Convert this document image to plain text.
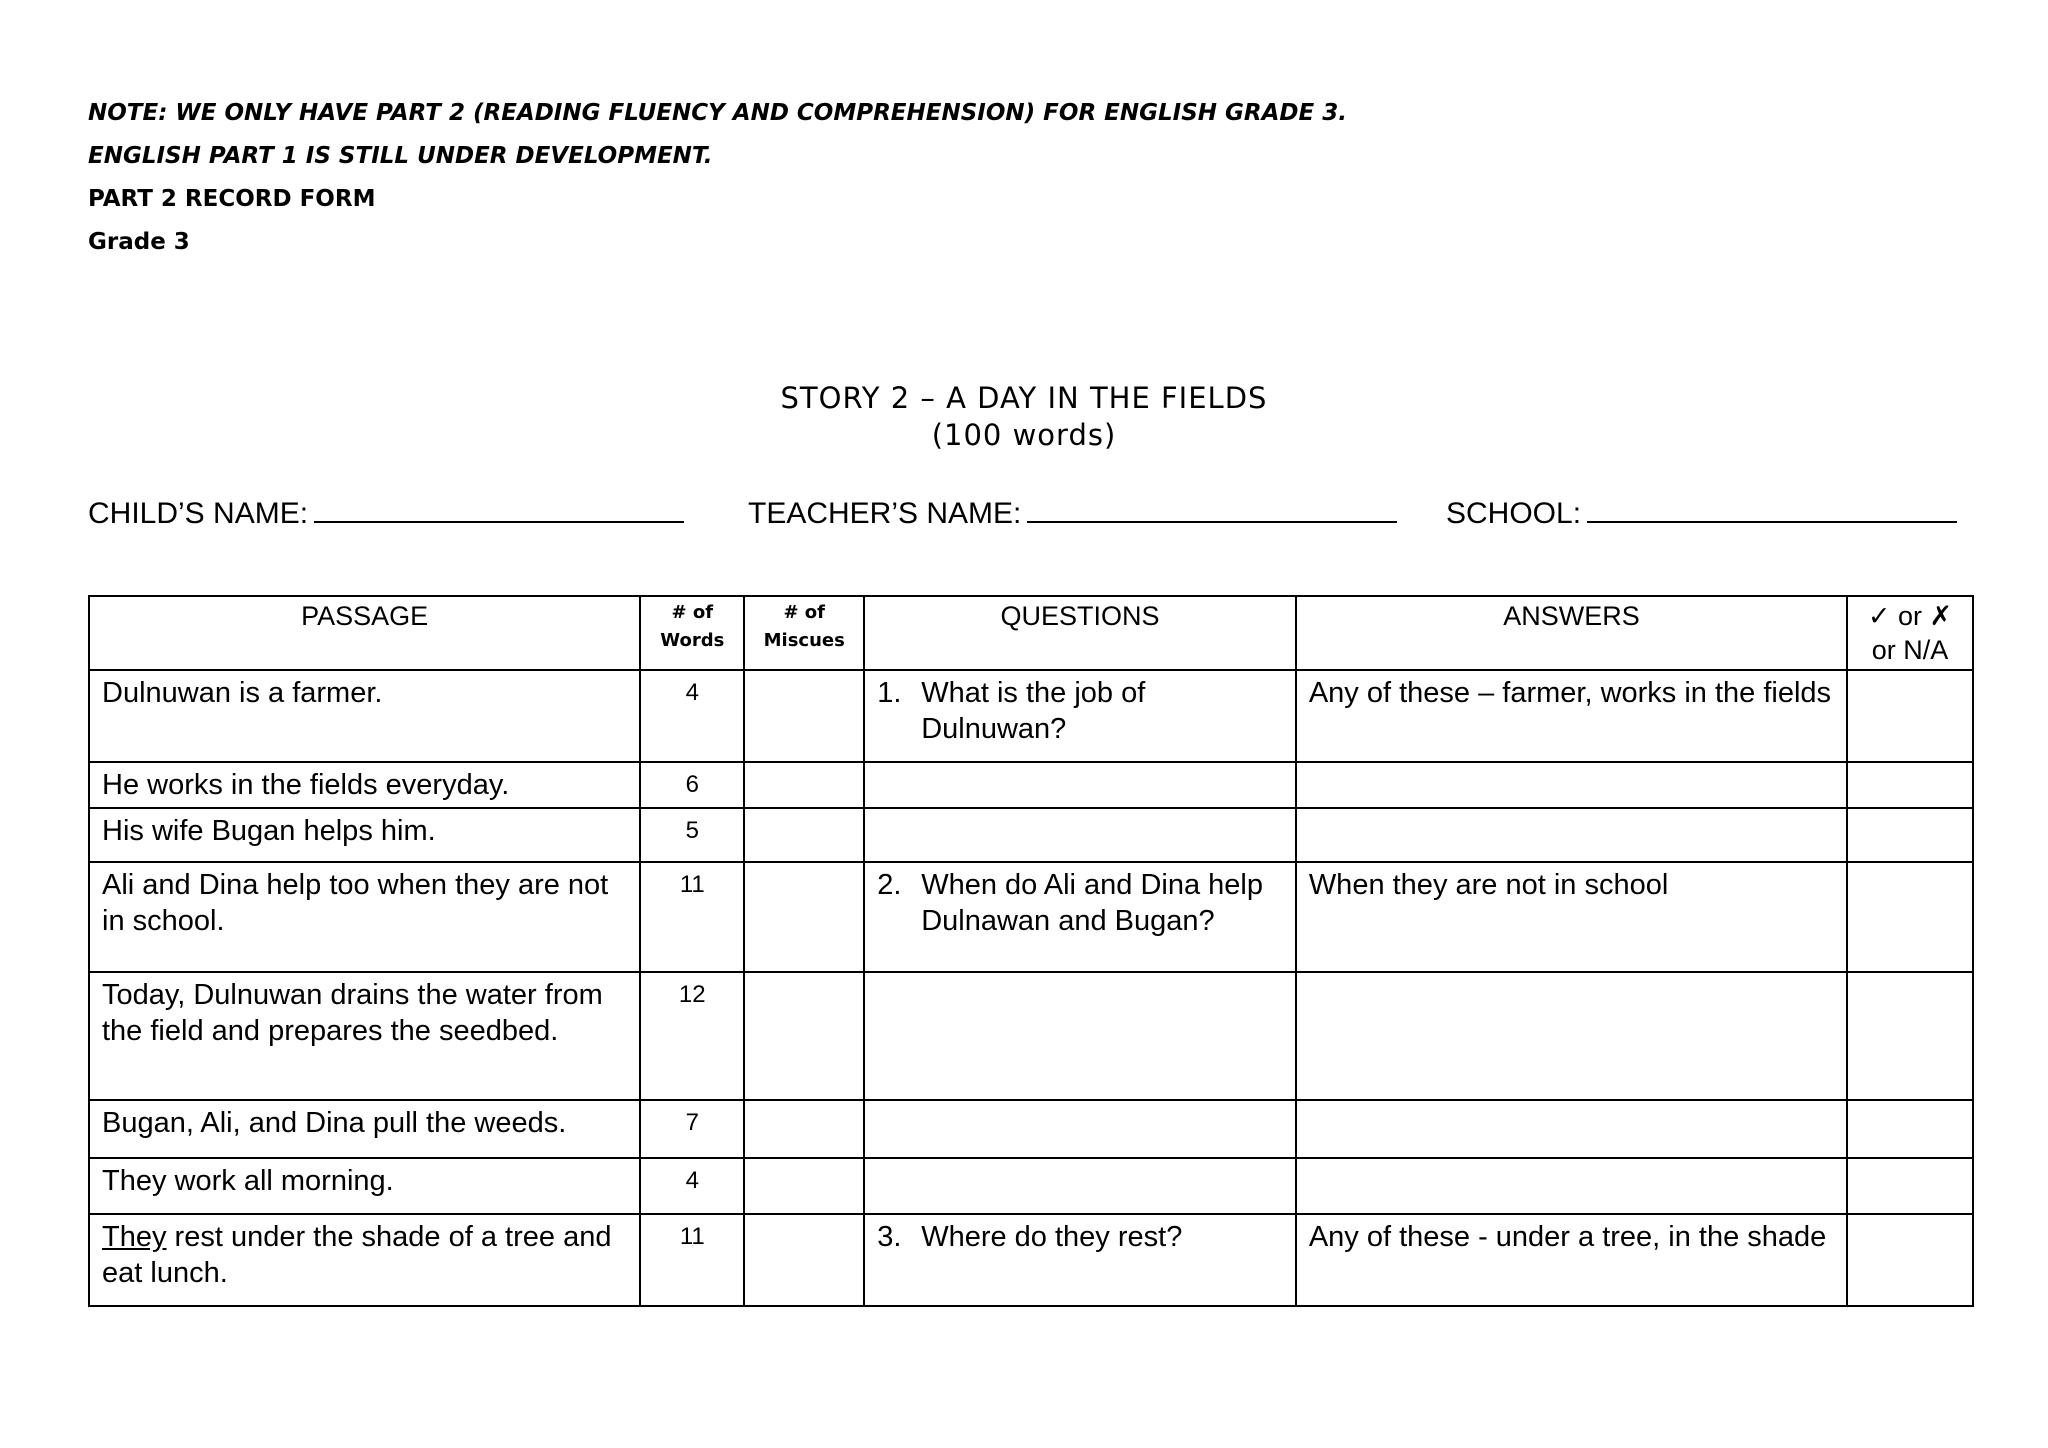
NOTE: WE ONLY HAVE PART 2 (READING FLUENCY AND COMPREHENSION) FOR ENGLISH GRADE 3.
ENGLISH PART 1 IS STILL UNDER DEVELOPMENT.
PART 2 RECORD FORM
Grade 3
STORY 2 – A DAY IN THE FIELDS
(100 words)
CHILD’S NAME:	TEACHER’S NAME:	SCHOOL:
PASSAGE	# of Words	# of Miscues	QUESTIONS	ANSWERS	✓ or ✗ or N/A
Dulnuwan is a farmer.	4		1. What is the job of Dulnuwan?	Any of these – farmer, works in the fields	
He works in the fields everyday.	6				
His wife Bugan helps him.	5				
Ali and Dina help too when they are not in school.	11		2. When do Ali and Dina help Dulnawan and Bugan?	When they are not in school	
Today, Dulnuwan drains the water from the field and prepares the seedbed.	12				
Bugan, Ali, and Dina pull the weeds.	7				
They work all morning.	4				
They rest under the shade of a tree and eat lunch.	11		3. Where do they rest?	Any of these - under a tree, in the shade	
